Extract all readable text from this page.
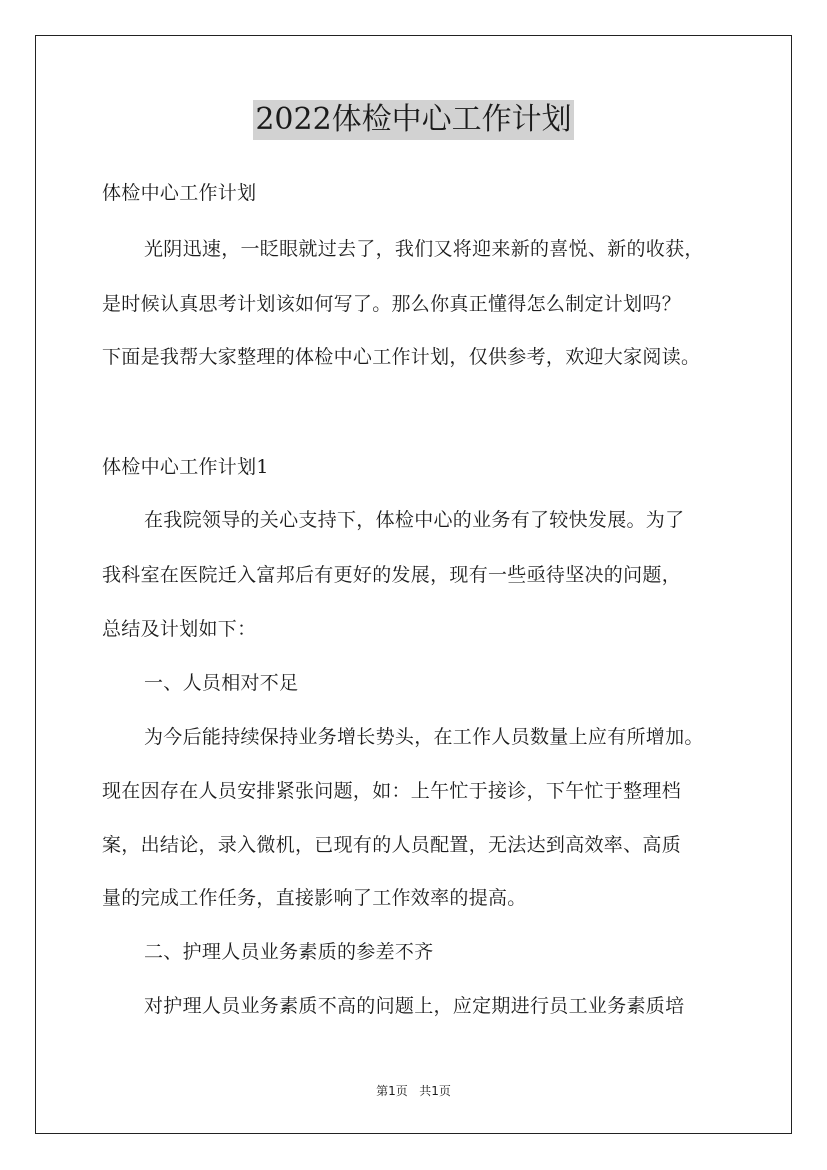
2022体检中心工作计划
体检中心工作计划
光阴迅速，一眨眼就过去了，我们又将迎来新的喜悦、新的收获，
是时候认真思考计划该如何写了。那么你真正懂得怎么制定计划吗？
下面是我帮大家整理的体检中心工作计划，仅供参考，欢迎大家阅读。
体检中心工作计划1
在我院领导的关心支持下，体检中心的业务有了较快发展。为了
我科室在医院迁入富邦后有更好的发展，现有一些亟待坚决的问题，
总结及计划如下：
一、人员相对不足
为今后能持续保持业务增长势头，在工作人员数量上应有所增加。
现在因存在人员安排紧张问题，如：上午忙于接诊，下午忙于整理档
案，出结论，录入微机，已现有的人员配置，无法达到高效率、高质
量的完成工作任务，直接影响了工作效率的提高。
二、护理人员业务素质的参差不齐
对护理人员业务素质不高的问题上，应定期进行员工业务素质培
第1页 共1页
